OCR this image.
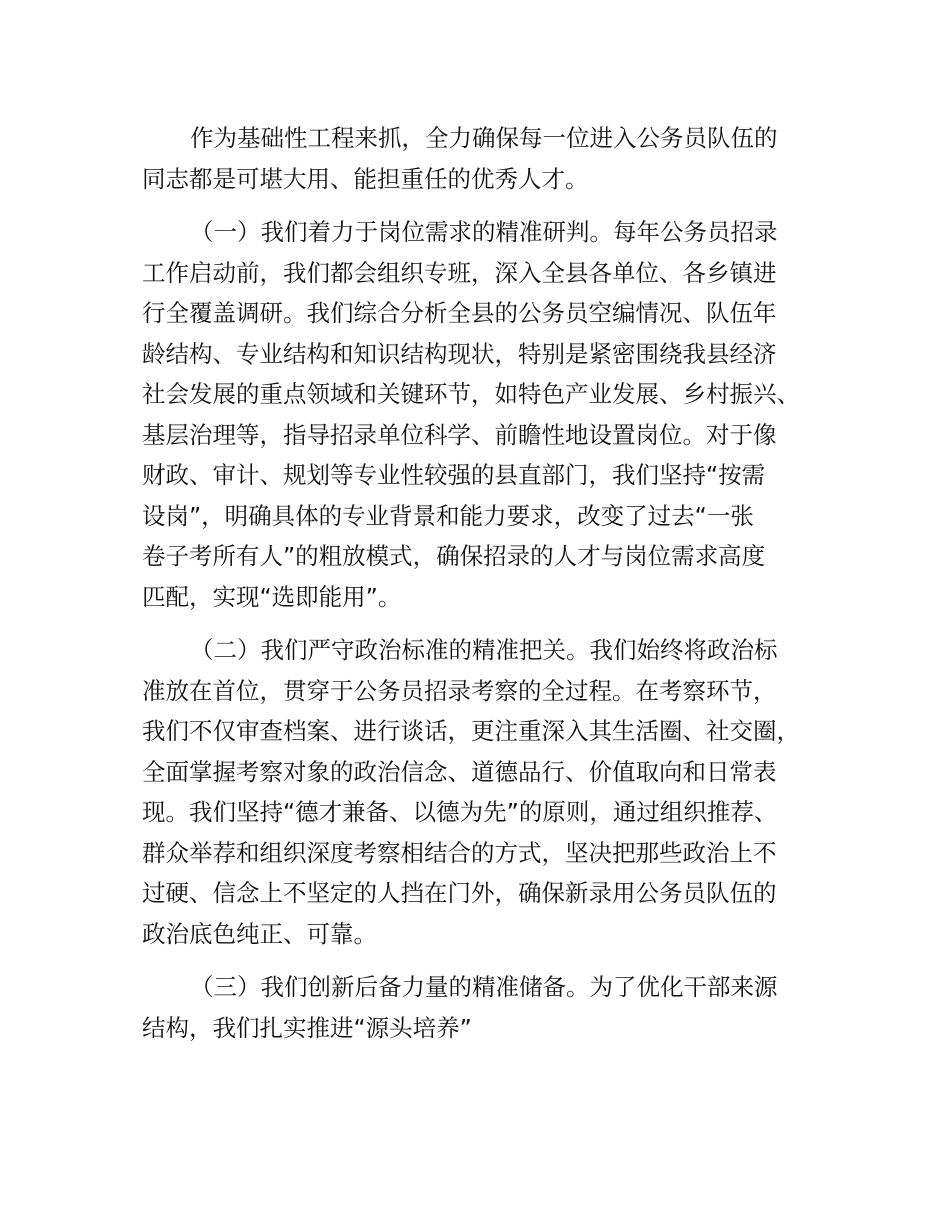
作为基础性工程来抓，全力确保每一位进入公务员队伍的
同志都是可堪大用、能担重任的优秀人才。
（一）我们着力于岗位需求的精准研判。每年公务员招录
工作启动前，我们都会组织专班，深入全县各单位、各乡镇进
行全覆盖调研。我们综合分析全县的公务员空编情况、队伍年
龄结构、专业结构和知识结构现状，特别是紧密围绕我县经济
社会发展的重点领域和关键环节，如特色产业发展、乡村振兴、
基层治理等，指导招录单位科学、前瞻性地设置岗位。对于像
财政、审计、规划等专业性较强的县直部门，我们坚持“按需
设岗”，明确具体的专业背景和能力要求，改变了过去“一张
卷子考所有人”的粗放模式，确保招录的人才与岗位需求高度
匹配，实现“选即能用”。
（二）我们严守政治标准的精准把关。我们始终将政治标
准放在首位，贯穿于公务员招录考察的全过程。在考察环节，
我们不仅审查档案、进行谈话，更注重深入其生活圈、社交圈，
全面掌握考察对象的政治信念、道德品行、价值取向和日常表
现。我们坚持“德才兼备、以德为先”的原则，通过组织推荐、
群众举荐和组织深度考察相结合的方式，坚决把那些政治上不
过硬、信念上不坚定的人挡在门外，确保新录用公务员队伍的
政治底色纯正、可靠。
（三）我们创新后备力量的精准储备。为了优化干部来源
结构，我们扎实推进“源头培养”
